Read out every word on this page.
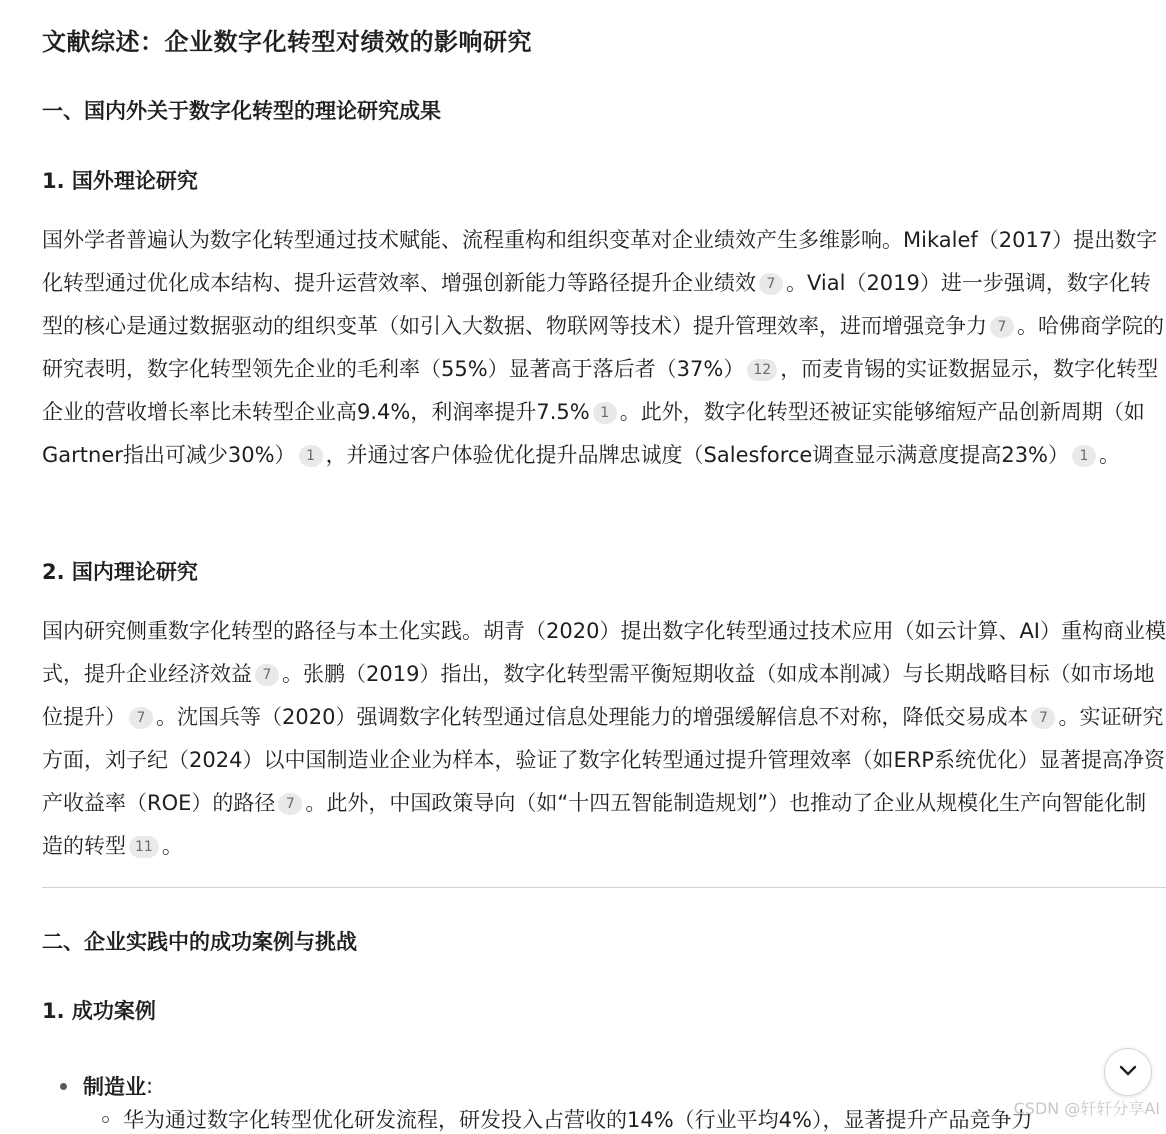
文献综述：企业数字化转型对绩效的影响研究
一、国内外关于数字化转型的理论研究成果
1. 国外理论研究

国外学者普遍认为数字化转型通过技术赋能、流程重构和组织变革对企业绩效产生多维影响。Mikalef（2017）提出数字化转型通过优化成本结构、提升运营效率、增强创新能力等路径提升企业绩效 7 。Vial（2019）进一步强调，数字化转型的核心是通过数据驱动的组织变革（如引入大数据、物联网等技术）提升管理效率，进而增强竞争力 7 。哈佛商学院的研究表明，数字化转型领先企业的毛利率（55%）显著高于落后者（37%） 12 ，而麦肯锡的实证数据显示，数字化转型企业的营收增长率比未转型企业高9.4%，利润率提升7.5% 1 。此外，数字化转型还被证实能够缩短产品创新周期（如Gartner指出可减少30%） 1 ，并通过客户体验优化提升品牌忠诚度（Salesforce调查显示满意度提高23%） 1 。

2. 国内理论研究

国内研究侧重数字化转型的路径与本土化实践。胡青（2020）提出数字化转型通过技术应用（如云计算、AI）重构商业模式，提升企业经济效益 7 。张鹏（2019）指出，数字化转型需平衡短期收益（如成本削减）与长期战略目标（如市场地位提升） 7 。沈国兵等（2020）强调数字化转型通过信息处理能力的增强缓解信息不对称，降低交易成本 7 。实证研究方面，刘子纪（2024）以中国制造业企业为样本，验证了数字化转型通过提升管理效率（如ERP系统优化）显著提高净资产收益率（ROE）的路径 7 。此外，中国政策导向（如“十四五智能制造规划”）也推动了企业从规模化生产向智能化制造的转型 11 。

二、企业实践中的成功案例与挑战
1. 成功案例
制造业 :
华为通过数字化转型优化研发流程，研发投入占营收的14%（行业平均4%），显著提升产品竞争力
CSDN @轩轩分享AI
